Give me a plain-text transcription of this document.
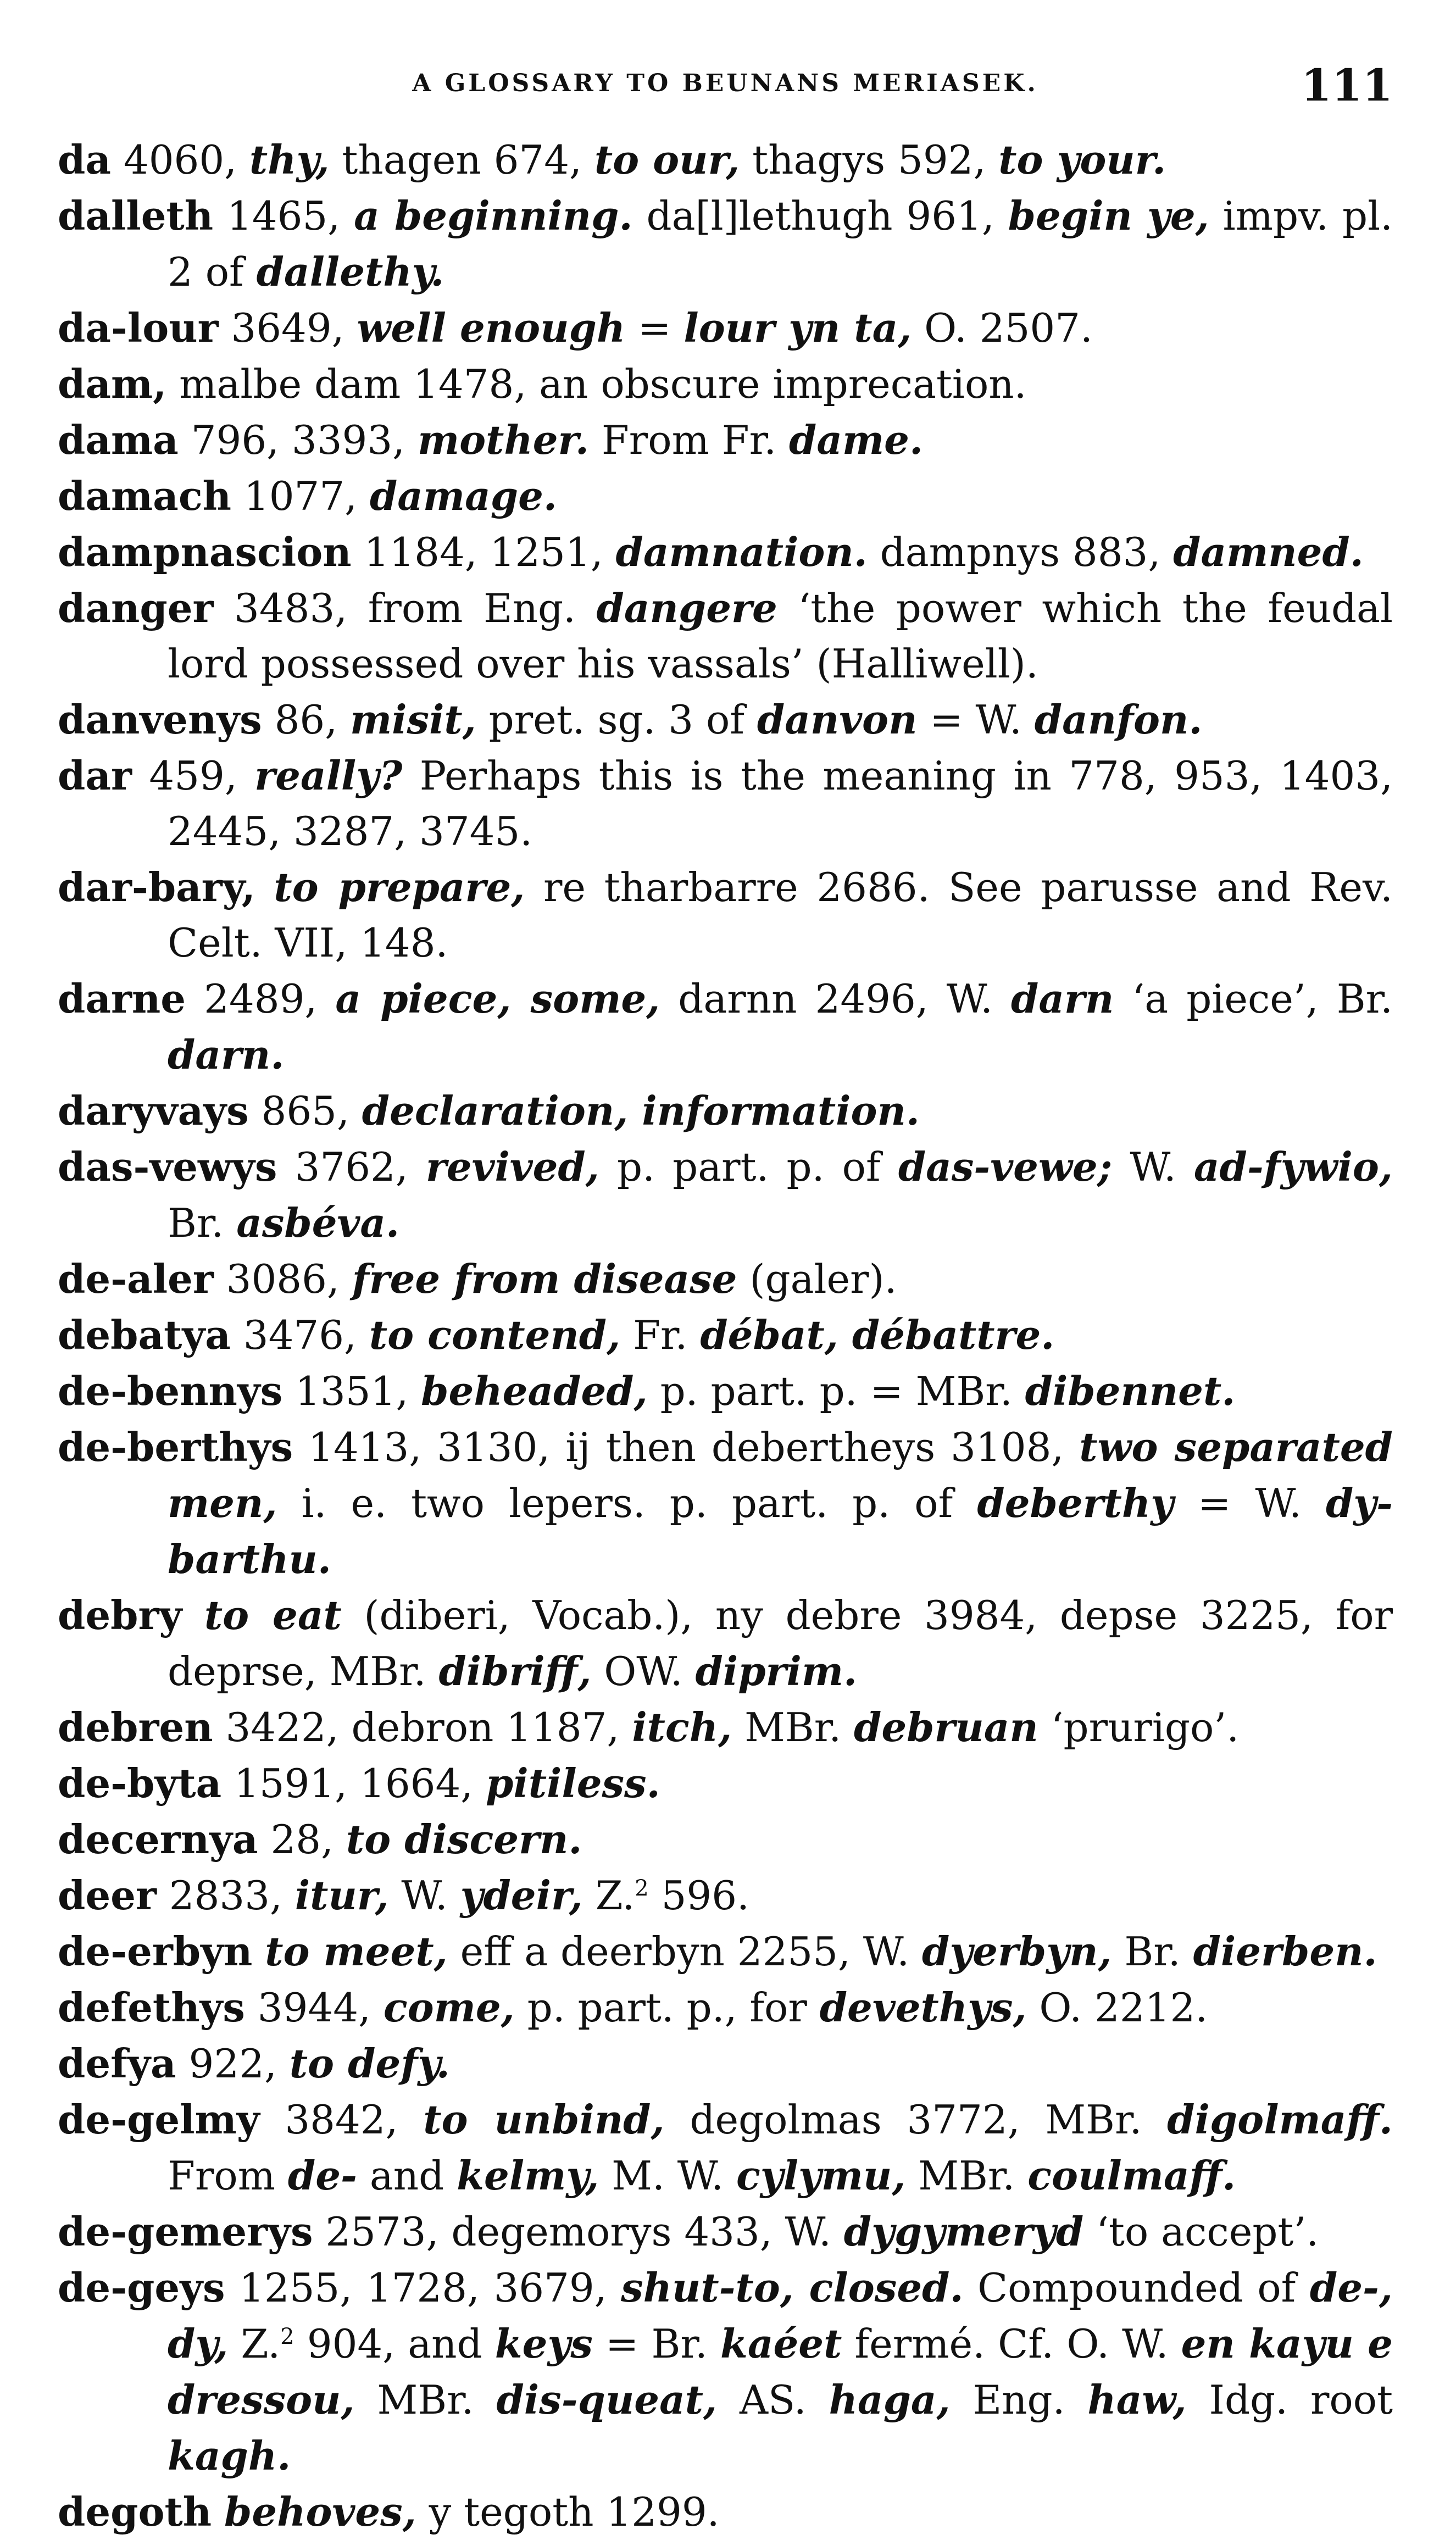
A GLOSSARY TO BEUNANS MERIASEK.	111

da 4060, thy, thagen 674, to our, thagys 592, to your.

dalleth 1465, a beginning. da[l]lethugh 961, begin ye, impv. pl. 2 of dallethy.

da-lour 3649, well enough = lour yn ta, O. 2507.

dam, malbe dam 1478, an obscure imprecation.

dama 796, 3393, mother. From Fr. dame.

damach 1077, damage.

dampnascion 1184, 1251, damnation. dampnys 883, damned.

danger 3483, from Eng. dangere ‘the power which the feudal lord possessed over his vassals’ (Halliwell).

danvenys 86, misit, pret. sg. 3 of danvon = W. danfon.

dar 459, really? Perhaps this is the meaning in 778, 953, 1403, 2445, 3287, 3745.

dar-bary, to prepare, re tharbarre 2686. See parusse and Rev. Celt. VII, 148.

darne 2489, a piece, some, darnn 2496, W. darn ‘a piece’, Br. darn.

daryvays 865, declaration, information.

das-vewys 3762, revived, p. part. p. of das-vewe; W. ad-fywio, Br. asbéva.

de-aler 3086, free from disease (galer).

debatya 3476, to contend, Fr. débat, débattre.

de-bennys 1351, beheaded, p. part. p. = MBr. dibennet.

de-berthys 1413, 3130, ij then debertheys 3108, two separated men, i. e. two lepers. p. part. p. of deberthy = W. dy-barthu.

debry to eat (diberi, Vocab.), ny debre 3984, depse 3225, for deprse, MBr. dibriff, OW. diprim.

debren 3422, debron 1187, itch, MBr. debruan ‘prurigo’.

de-byta 1591, 1664, pitiless.

decernya 28, to discern.

deer 2833, itur, W. ydeir, Z.$^2$ 596.

de-erbyn to meet, eff a deerbyn 2255, W. dyerbyn, Br. dierben.

defethys 3944, come, p. part. p., for devethys, O. 2212.

defya 922, to defy.

de-gelmy 3842, to unbind, degolmas 3772, MBr. digolmaff. From de- and kelmy, M. W. cylymu, MBr. coulmaff.

de-gemerys 2573, degemorys 433, W. dygymeryd ‘to accept’.

de-geys 1255, 1728, 3679, shut-to, closed. Compounded of de-, dy, Z.$^2$ 904, and keys = Br. kaéet fermé. Cf. O. W. en kayu e dressou, MBr. dis-queat, AS. haga, Eng. haw, Idg. root kagh.

degoth behoves, y tegoth 1299.
